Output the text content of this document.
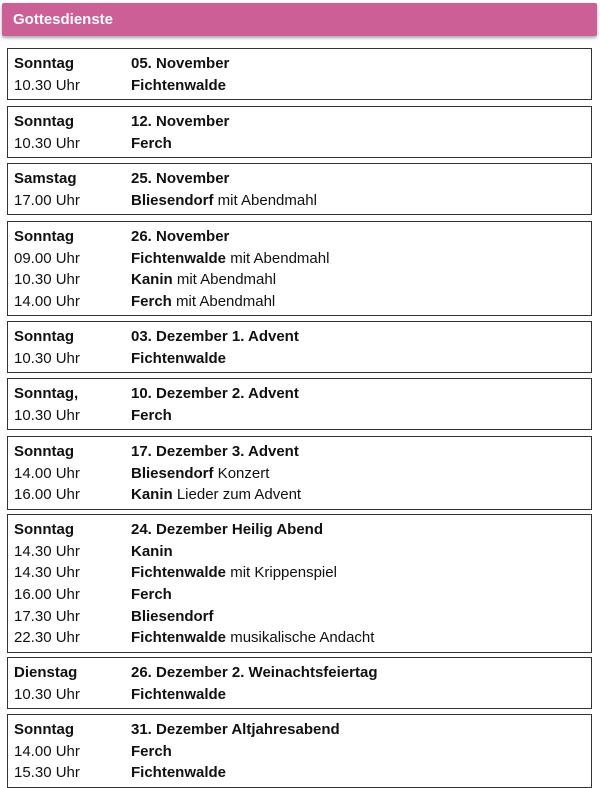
Gottesdienste
Sonntag	05. November
10.30 Uhr	Fichtenwalde
Sonntag	12. November
10.30 Uhr	Ferch
Samstag	25. November
17.00 Uhr	Bliesendorf mit Abendmahl
Sonntag	26. November
09.00 Uhr	Fichtenwalde mit Abendmahl
10.30 Uhr	Kanin mit Abendmahl
14.00 Uhr	Ferch mit Abendmahl
Sonntag	03. Dezember 1. Advent
10.30 Uhr	Fichtenwalde
Sonntag,	10. Dezember 2. Advent
10.30 Uhr	Ferch
Sonntag	17. Dezember 3. Advent
14.00 Uhr	Bliesendorf Konzert
16.00 Uhr	Kanin Lieder zum Advent
Sonntag	24. Dezember Heilig Abend
14.30 Uhr	Kanin
14.30 Uhr	Fichtenwalde mit Krippenspiel
16.00 Uhr	Ferch
17.30 Uhr	Bliesendorf
22.30 Uhr	Fichtenwalde musikalische Andacht
Dienstag	26. Dezember 2. Weinachtsfeiertag
10.30 Uhr	Fichtenwalde
Sonntag	31. Dezember Altjahresabend
14.00 Uhr	Ferch
15.30 Uhr	Fichtenwalde
